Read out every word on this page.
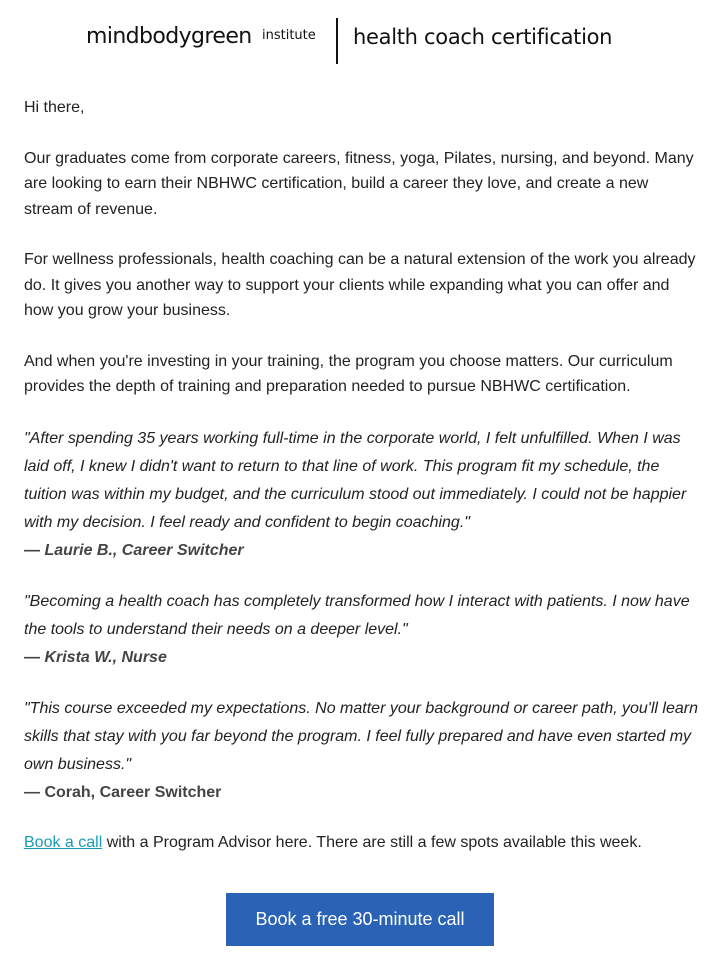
mindbodygreen institute health coach certification

Hi there,

Our graduates come from corporate careers, fitness, yoga, Pilates, nursing, and beyond. Many are looking to earn their NBHWC certification, build a career they love, and create a new stream of revenue.

For wellness professionals, health coaching can be a natural extension of the work you already do. It gives you another way to support your clients while expanding what you can offer and how you grow your business.

And when you're investing in your training, the program you choose matters. Our curriculum provides the depth of training and preparation needed to pursue NBHWC certification.

"After spending 35 years working full-time in the corporate world, I felt unfulfilled. When I was laid off, I knew I didn't want to return to that line of work. This program fit my schedule, the tuition was within my budget, and the curriculum stood out immediately. I could not be happier with my decision. I feel ready and confident to begin coaching."

— Laurie B., Career Switcher

"Becoming a health coach has completely transformed how I interact with patients. I now have the tools to understand their needs on a deeper level."

— Krista W., Nurse

"This course exceeded my expectations. No matter your background or career path, you'll learn skills that stay with you far beyond the program. I feel fully prepared and have even started my own business."

— Corah, Career Switcher

Book a call with a Program Advisor here. There are still a few spots available this week.

Book a free 30-minute call
